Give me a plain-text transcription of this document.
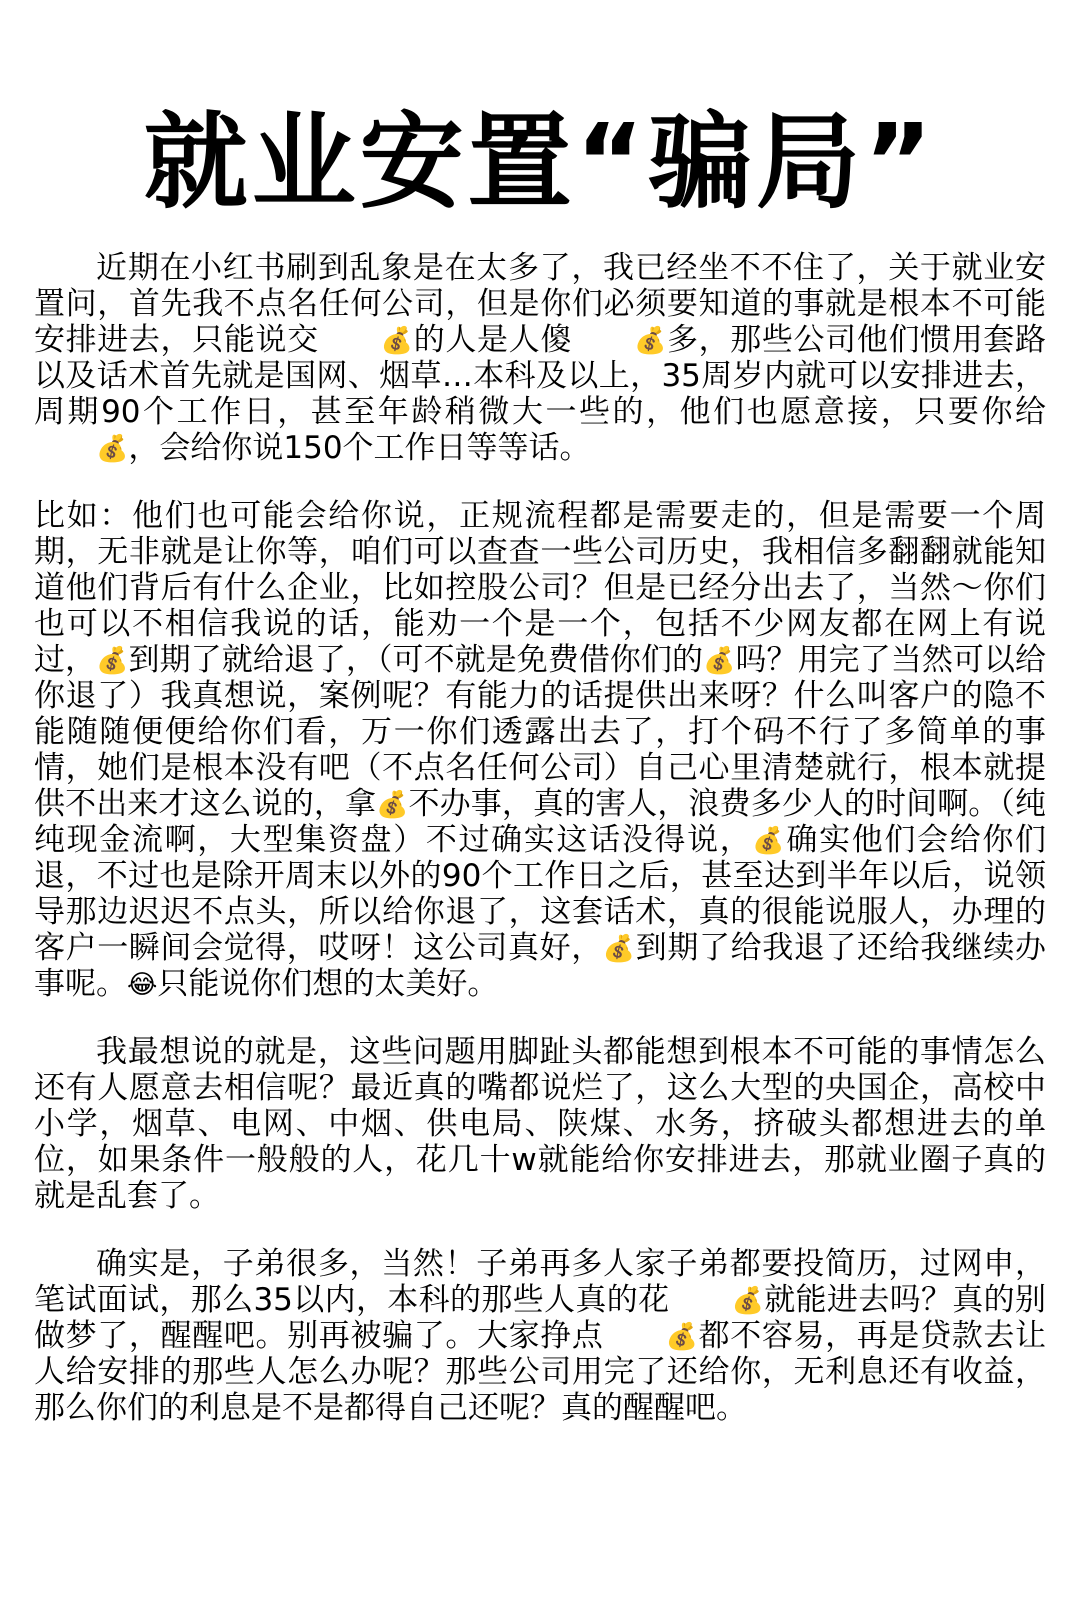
就业安置“骗局”

近期在小红书刷到乱象是在太多了，我已经坐不不住了，关于就业安置问，首先我不点名任何公司，但是你们必须要知道的事就是根本不可能安排进去，只能说交 💰的人是人傻 💰多，那些公司他们惯用套路以及话术首先就是国网、烟草…本科及以上，35周岁内就可以安排进去，周期90个工作日，甚至年龄稍微大一些的，他们也愿意接，只要你给💰，会给你说150个工作日等等话。

比如：他们也可能会给你说，正规流程都是需要走的，但是需要一个周期，无非就是让你等，咱们可以查查一些公司历史，我相信多翻翻就能知道他们背后有什么企业，比如控股公司？但是已经分出去了，当然～你们也可以不相信我说的话，能劝一个是一个，包括不少网友都在网上有说过，💰到期了就给退了，（可不就是免费借你们的💰吗？用完了当然可以给你退了）我真想说，案例呢？有能力的话提供出来呀？什么叫客户的隐不能随随便便给你们看，万一你们透露出去了，打个码不行了多简单的事情，她们是根本没有吧（不点名任何公司）自己心里清楚就行，根本就提供不出来才这么说的，拿💰不办事，真的害人，浪费多少人的时间啊。（纯纯现金流啊，大型集资盘）不过确实这话没得说，💰确实他们会给你们退，不过也是除开周末以外的90个工作日之后，甚至达到半年以后，说领导那边迟迟不点头，所以给你退了，这套话术，真的很能说服人，办理的客户一瞬间会觉得，哎呀！这公司真好，💰到期了给我退了还给我继续办事呢。😂只能说你们想的太美好。

我最想说的就是，这些问题用脚趾头都能想到根本不可能的事情怎么还有人愿意去相信呢？最近真的嘴都说烂了，这么大型的央国企，高校中小学，烟草、电网、中烟、供电局、陕煤、水务，挤破头都想进去的单位，如果条件一般般的人，花几十w就能给你安排进去，那就业圈子真的就是乱套了。

确实是，子弟很多，当然！子弟再多人家子弟都要投简历，过网申，笔试面试，那么35以内，本科的那些人真的花 💰就能进去吗？真的别做梦了，醒醒吧。别再被骗了。大家挣点 💰都不容易，再是贷款去让人给安排的那些人怎么办呢？那些公司用完了还给你，无利息还有收益，那么你们的利息是不是都得自己还呢？真的醒醒吧。
